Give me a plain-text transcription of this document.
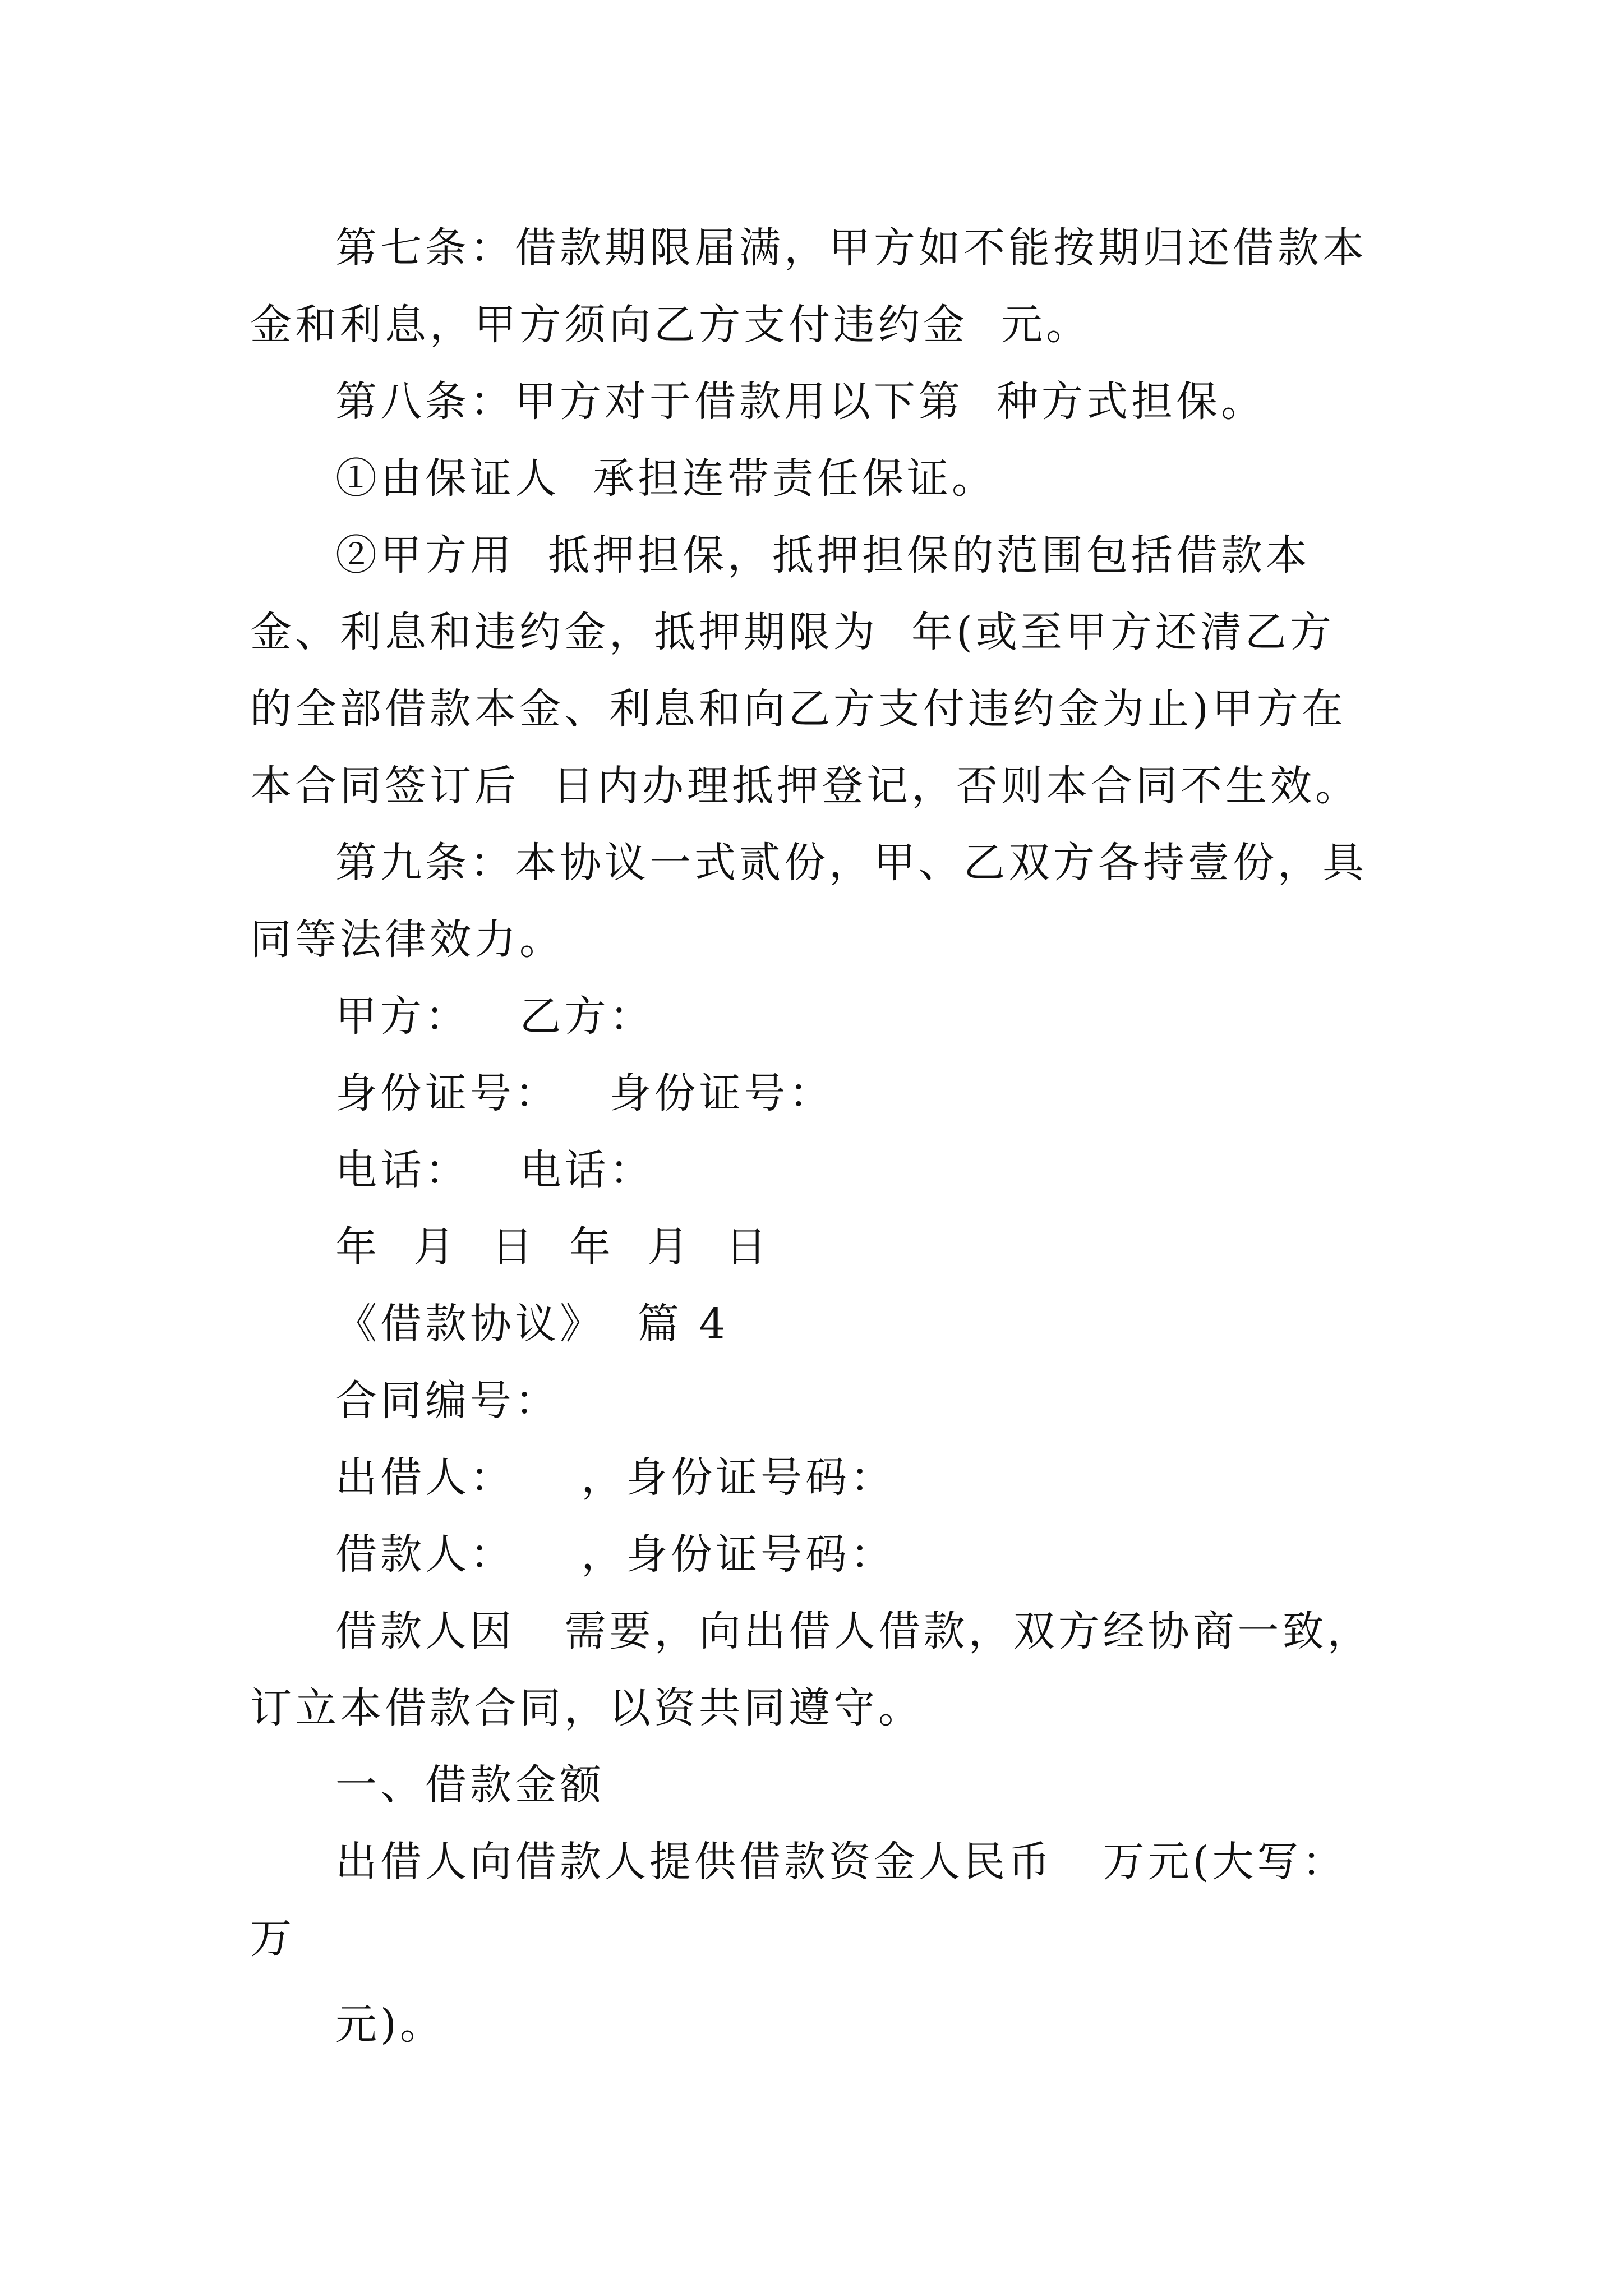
第七条：借款期限届满，甲方如不能按期归还借款本金和利息，甲方须向乙方支付违约金  元。

第八条：甲方对于借款用以下第  种方式担保。

①由保证人  承担连带责任保证。

②甲方用  抵押担保，抵押担保的范围包括借款本金、利息和违约金，抵押期限为  年(或至甲方还清乙方的全部借款本金、利息和向乙方支付违约金为止)甲方在本合同签订后  日内办理抵押登记，否则本合同不生效。

第九条：本协议一式贰份，甲、乙双方各持壹份，具同等法律效力。

甲方：   乙方：

身份证号：   身份证号：

电话：   电话：

年  月  日  年  月  日

《借款协议》  篇 4

合同编号：

出借人：    ，身份证号码：

借款人：    ，身份证号码：

借款人因   需要，向出借人借款，双方经协商一致，订立本借款合同，以资共同遵守。

一、借款金额

出借人向借款人提供借款资金人民币   万元(大写：

万

元)。
